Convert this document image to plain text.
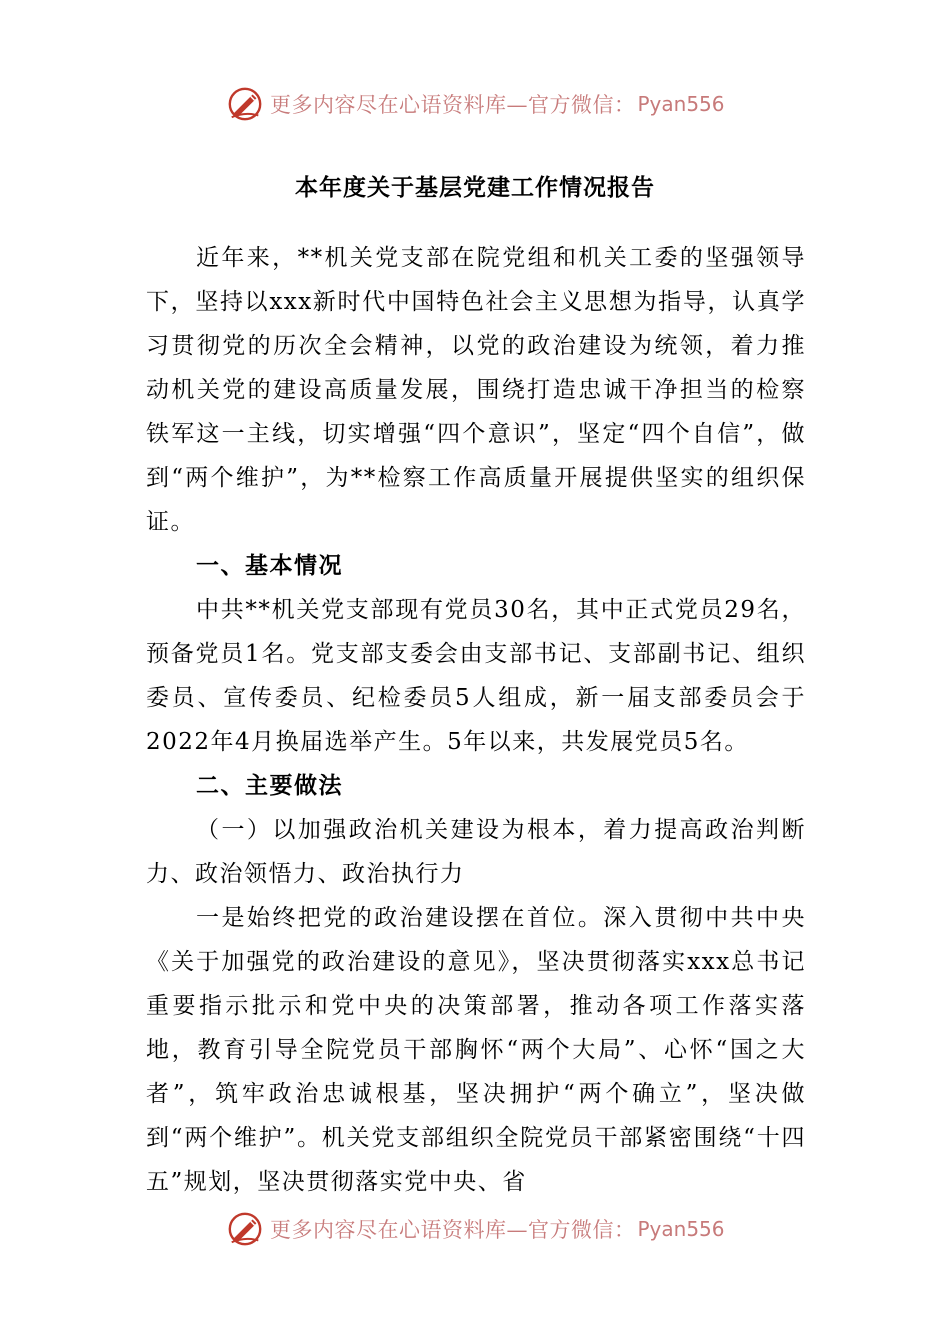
更多内容尽在心语资料库—官方微信： Pyan556
本年度关于基层党建工作情况报告

近年来，**机关党支部在院党组和机关工委的坚强领导下，坚持以xxx新时代中国特色社会主义思想为指导，认真学习贯彻党的历次全会精神，以党的政治建设为统领，着力推动机关党的建设高质量发展，围绕打造忠诚干净担当的检察铁军这一主线，切实增强“四个意识”，坚定“四个自信”，做到“两个维护”，为**检察工作高质量开展提供坚实的组织保证。

一、基本情况

中共**机关党支部现有党员30名，其中正式党员29名，预备党员1名。党支部支委会由支部书记、支部副书记、组织委员、宣传委员、纪检委员5人组成，新一届支部委员会于2022年4月换届选举产生。5年以来，共发展党员5名。

二、主要做法

（一）以加强政治机关建设为根本，着力提高政治判断力、政治领悟力、政治执行力

一是始终把党的政治建设摆在首位。深入贯彻中共中央《关于加强党的政治建设的意见》，坚决贯彻落实xxx总书记重要指示批示和党中央的决策部署，推动各项工作落实落地，教育引导全院党员干部胸怀“两个大局”、心怀“国之大者”，筑牢政治忠诚根基，坚决拥护“两个确立”，坚决做到“两个维护”。机关党支部组织全院党员干部紧密围绕“十四五”规划，坚决贯彻落实党中央、省

更多内容尽在心语资料库—官方微信： Pyan556
